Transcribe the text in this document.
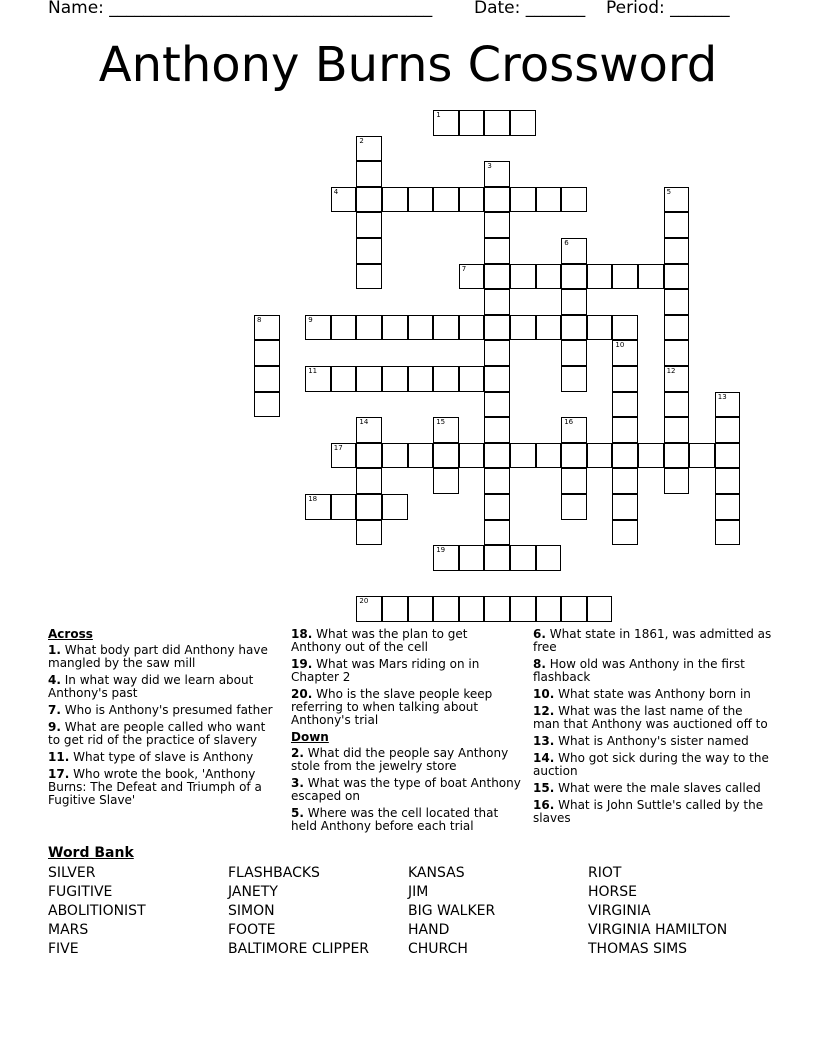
Name: ______________________________________ Date: _______ Period: _______
Anthony Burns Crossword
1
2
3
4	5
6
7
8	9
10
11	12
13
14	15	16
17
18
19
20
Across
1. What body part did Anthony have mangled by the saw mill
4. In what way did we learn about Anthony's past
7. Who is Anthony's presumed father
9. What are people called who want to get rid of the practice of slavery
11. What type of slave is Anthony
17. Who wrote the book, 'Anthony Burns: The Defeat and Triumph of a Fugitive Slave'
18. What was the plan to get Anthony out of the cell
19. What was Mars riding on in Chapter 2
20. Who is the slave people keep referring to when talking about Anthony's trial
Down
2. What did the people say Anthony stole from the jewelry store
3. What was the type of boat Anthony escaped on
5. Where was the cell located that held Anthony before each trial
6. What state in 1861, was admitted as free
8. How old was Anthony in the first flashback
10. What state was Anthony born in
12. What was the last name of the man that Anthony was auctioned off to
13. What is Anthony's sister named
14. Who got sick during the way to the auction
15. What were the male slaves called
16. What is John Suttle's called by the slaves
Word Bank
SILVER
FUGITIVE
ABOLITIONIST
MARS
FIVE
FLASHBACKS
JANETY
SIMON
FOOTE
BALTIMORE CLIPPER
KANSAS
JIM
BIG WALKER
HAND
CHURCH
RIOT
HORSE
VIRGINIA
VIRGINIA HAMILTON
THOMAS SIMS
